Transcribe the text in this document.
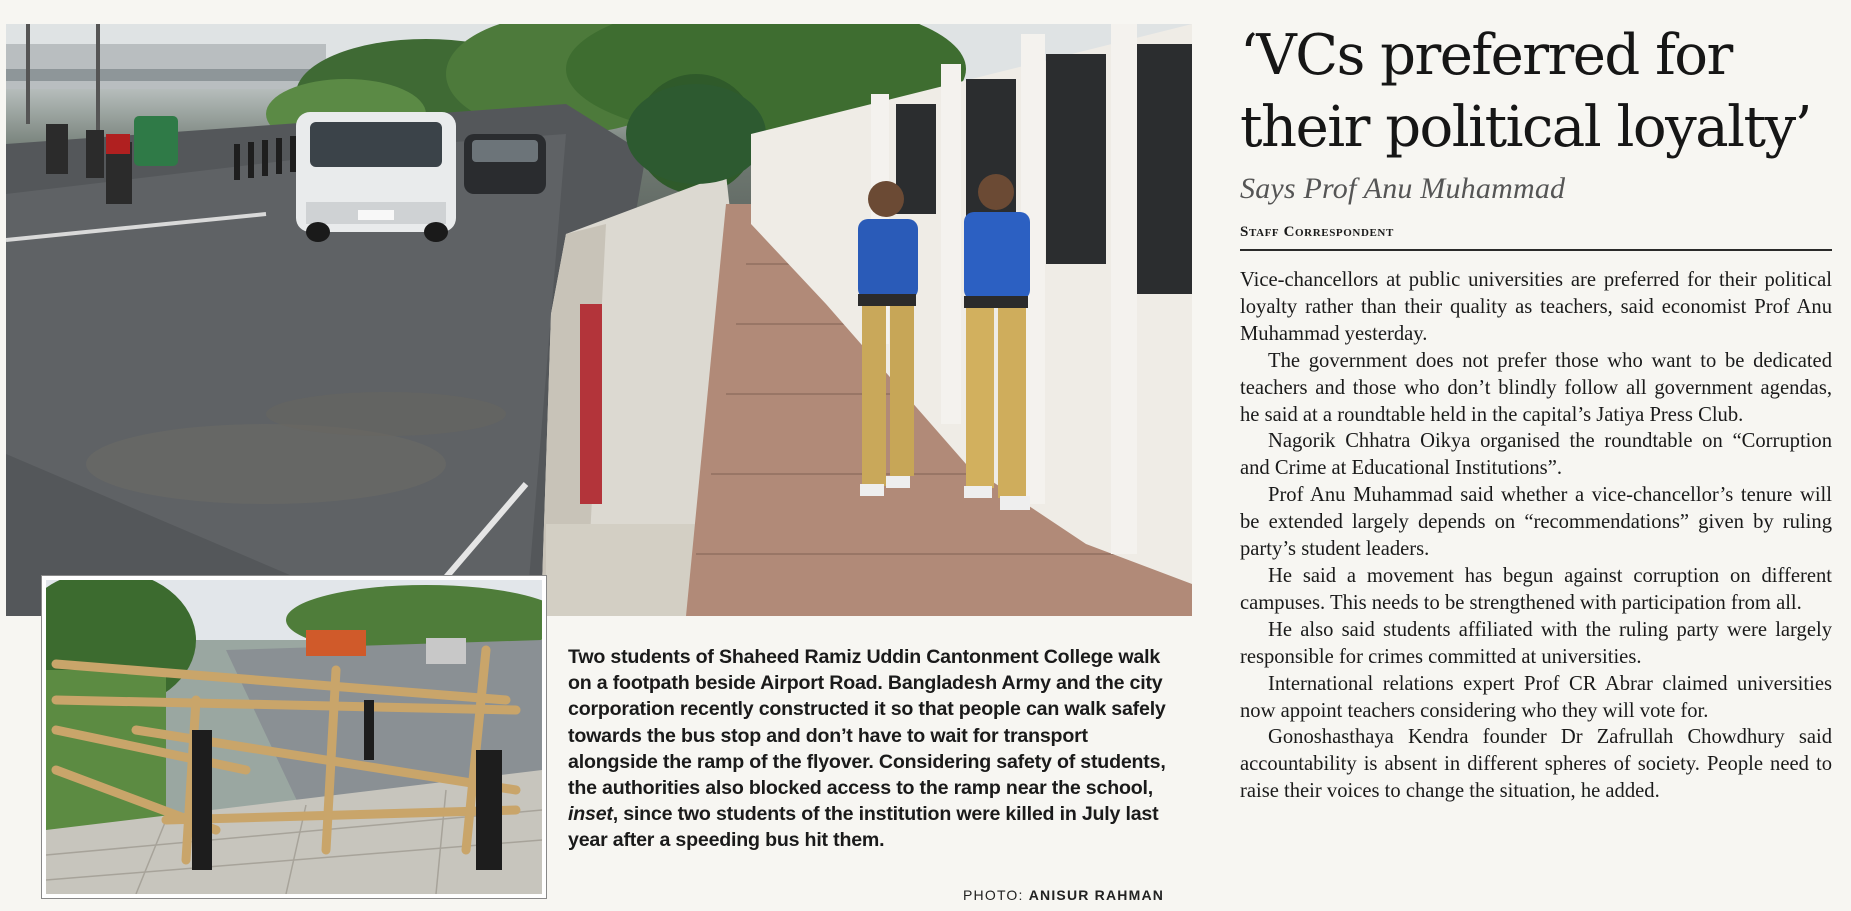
Two students of Shaheed Ramiz Uddin Cantonment College walk on a footpath beside Airport Road. Bangladesh Army and the city corporation recently constructed it so that people can walk safely towards the bus stop and don’t have to wait for transport alongside the ramp of the flyover. Considering safety of students, the authorities also blocked access to the ramp near the school, inset, since two students of the institution were killed in July last year after a speeding bus hit them.
PHOTO: ANISUR RAHMAN
‘VCs preferred for
their political loyalty’
Says Prof Anu Muhammad
Staff Correspondent

Vice-chancellors at public universities are preferred for their political loyalty rather than their quality as teachers, said economist Prof Anu Muhammad yesterday.

The government does not prefer those who want to be dedicated teachers and those who don’t blindly follow all government agendas, he said at a roundtable held in the capital’s Jatiya Press Club.

Nagorik Chhatra Oikya organised the roundtable on “Corruption and Crime at Educational Institutions”.

Prof Anu Muhammad said whether a vice-chancellor’s tenure will be extended largely depends on “recommendations” given by ruling party’s student leaders.

He said a movement has begun against corruption on different campuses. This needs to be strengthened with participation from all.

He also said students affiliated with the ruling party were largely responsible for crimes committed at universities.

International relations expert Prof CR Abrar claimed universities now appoint teachers considering who they will vote for.

Gonoshasthaya Kendra founder Dr Zafrullah Chowdhury said accountability is absent in different spheres of society. People need to raise their voices to change the situation, he added.
